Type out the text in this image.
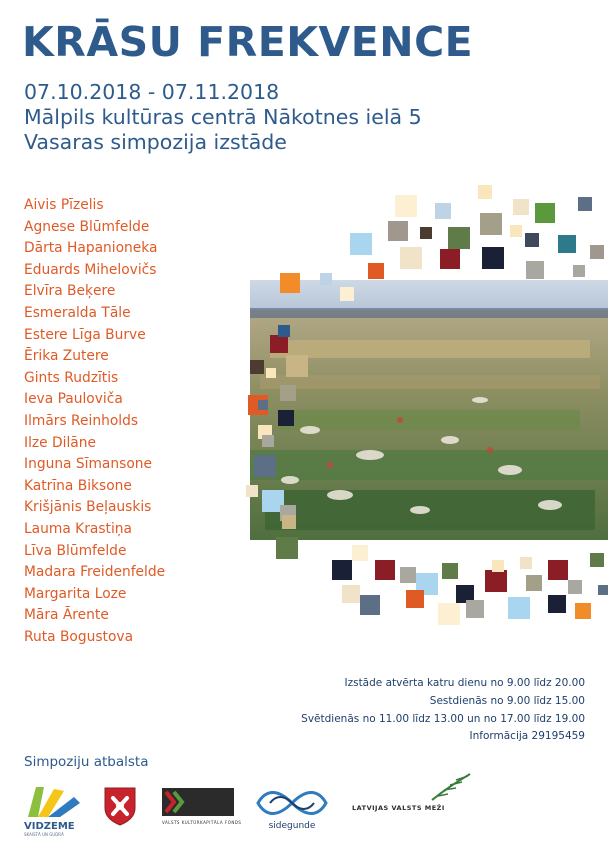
KRĀSU FREKVENCE
07.10.2018 - 07.11.2018
Mālpils kultūras centrā Nākotnes ielā 5
Vasaras simpozija izstāde
Aivis Pīzelis
Agnese Blūmfelde
Dārta Hapanioneka
Eduards Mihelovičs
Elvīra Beķere
Esmeralda Tāle
Estere Līga Burve
Ērika Zutere
Gints Rudzītis
Ieva Pauloviča
Ilmārs Reinholds
Ilze Dilāne
Inguna Sīmansone
Katrīna Biksone
Krišjānis Beļauskis
Lauma Krastiņa
Līva Blūmfelde
Madara Freidenfelde
Margarita Loze
Māra Ārente
Ruta Bogustova
Izstāde atvērta katru dienu no 9.00 līdz 20.00
Sestdienās no 9.00 līdz 15.00
Svētdienās no 11.00 līdz 13.00 un no 17.00 līdz 19.00
Informācija 29195459
Simpoziju atbalsta
VIDZEME
SKAISTĀ UN GUDRĀ
VALSTS KULTŪRKAPITĀLA FONDS	sidegunde
LATVIJAS VALSTS MEŽI
